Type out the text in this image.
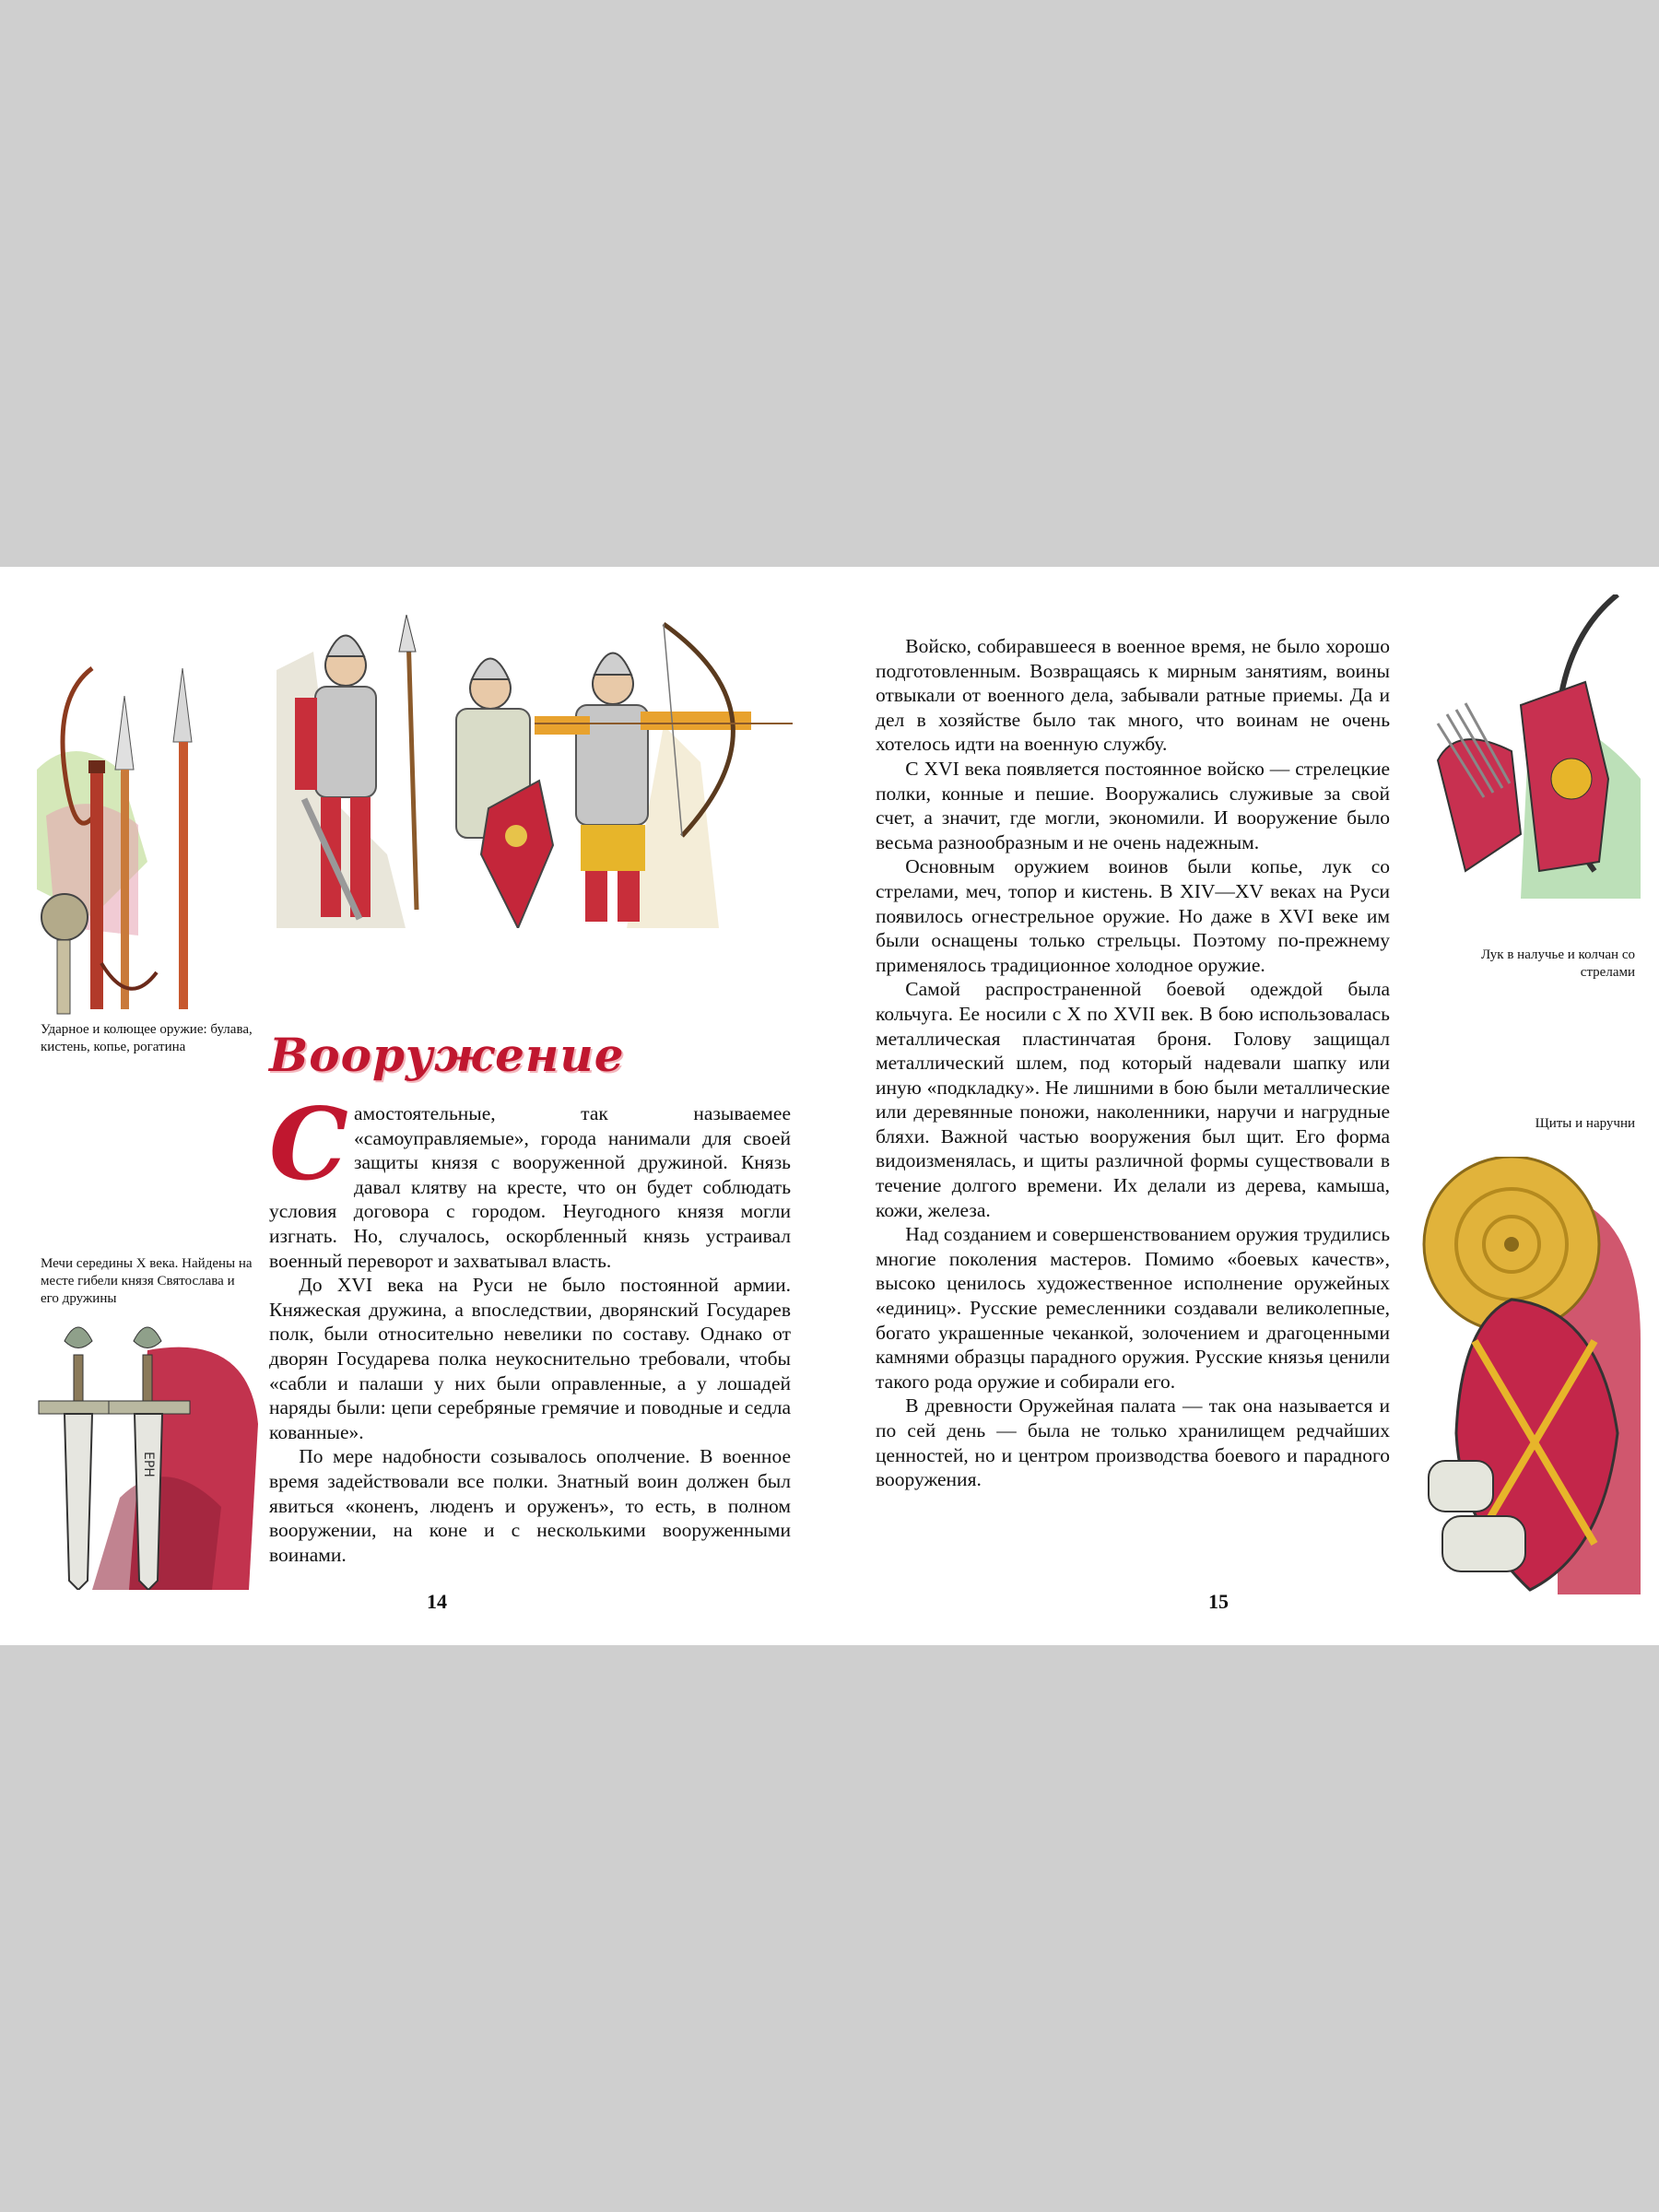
Ударное и колющее оружие: булава, кистень, копье, рогатина	Вооружение

Самостоятельные, так называемее «самоуправляемые», города нанимали для своей защиты князя с вооруженной дружиной. Князь давал клятву на кресте, что он будет соблюдать условия договора с городом. Неугодного князя могли изгнать. Но, случалось, оскорбленный князь устраивал военный переворот и захватывал власть.

До XVI века на Руси не было постоянной армии. Княжеская дружина, а впоследствии, дворянский Государев полк, были относительно невелики по составу. Однако от дворян Государева полка неукоснительно требовали, чтобы «сабли и палаши у них были оправленные, а у лошадей наряды были: цепи серебряные гремячие и поводные и седла кованные».

По мере надобности созывалось ополчение. В военное время задействовали все полки. Знатный воин должен был явиться «коненъ, люденъ и оруженъ», то есть, в полном вооружении, на коне и с несколькими вооруженными воинами.

Мечи середины X века. Найдены на месте гибели князя Святослава и его дружины
ЕРН
14

Войско, собиравшееся в военное время, не было хорошо подготовленным. Возвращаясь к мирным занятиям, воины отвыкали от военного дела, забывали ратные приемы. Да и дел в хозяйстве было так много, что воинам не очень хотелось идти на военную службу.

С XVI века появляется постоянное войско — стрелецкие полки, конные и пешие. Вооружались служивые за свой счет, а значит, где могли, экономили. И вооружение было весьма разнообразным и не очень надежным.

Основным оружием воинов были копье, лук со стрелами, меч, топор и кистень. В XIV—XV веках на Руси появилось огнестрельное оружие. Но даже в XVI веке им были оснащены только стрельцы. Поэтому по-прежнему применялось традиционное холодное оружие.

Самой распространенной боевой одеждой была кольчуга. Ее носили с X по XVII век. В бою использовалась металлическая пластинчатая броня. Голову защищал металлический шлем, под который надевали шапку или иную «подкладку». Не лишними в бою были металлические или деревянные поножи, наколенники, наручи и нагрудные бляхи. Важной частью вооружения был щит. Его форма видоизменялась, и щиты различной формы существовали в течение долгого времени. Их делали из дерева, камыша, кожи, железа.

Над созданием и совершенствованием оружия трудились многие поколения мастеров. Помимо «боевых качеств», высоко ценилось художественное исполнение оружейных «единиц». Русские ремесленники создавали великолепные, богато украшенные чеканкой, золочением и драгоценными камнями образцы парадного оружия. Русские князья ценили такого рода оружие и собирали его.

В древности Оружейная палата — так она называется и по сей день — была не только хранилищем редчайших ценностей, но и центром производства боевого и парадного вооружения.

Лук в налучье и колчан со стрелами
Щиты и наручни
15
